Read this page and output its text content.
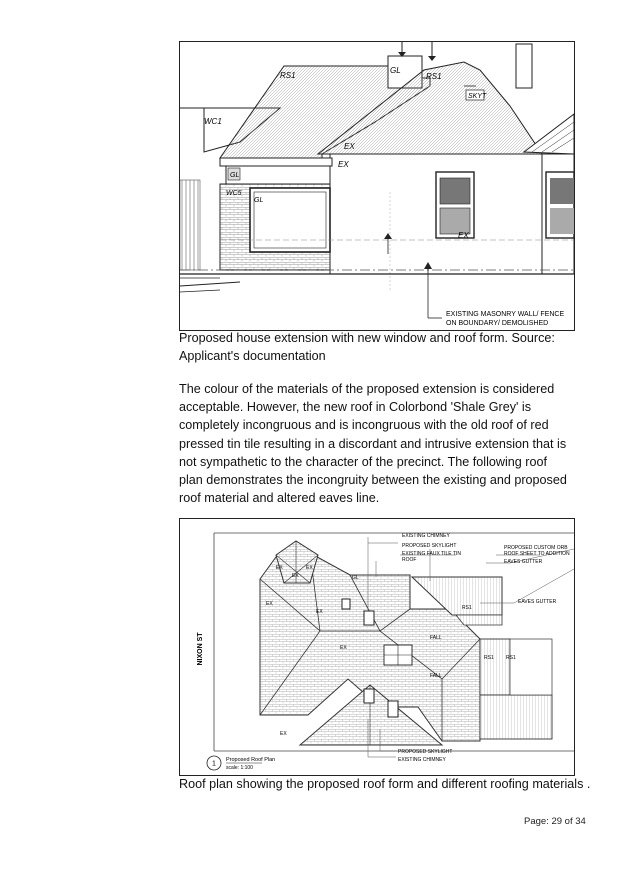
RS1
GL
RS1
WC1
SKYT
EX
EX
GL
WC5
GL
EX
EXISTING MASONRY WALL/ FENCE
ON BOUNDARY/ DEMOLISHED
Proposed house extension with new window and roof form. Source: Applicant's documentation
The colour of the materials of the proposed extension is considered acceptable. However, the new roof in Colorbond 'Shale Grey' is completely incongruous and is incongruous with the old roof of red pressed tin tile resulting in a discordant and intrusive extension that is not sympathetic to the character of the precinct. The following roof plan demonstrates the incongruity between the existing and proposed roof material and altered eaves line.
EXISTING CHIMNEY
PROPOSED SKYLIGHT
EXISTING FAUX TILE TIN
ROOF
PROPOSED CUSTOM ORB
ROOF SHEET TO ADDITION
EAVES GUTTER
EAVES GUTTER
PROPOSED SKYLIGHT
EXISTING CHIMNEY
EX	EX
EX
EX
EX
EX
EX
RS1
RS1 RS1
FALL
FALL
GL
NIXON ST
1
Proposed Roof Plan
scale: 1:100
Roof plan showing the proposed roof form and different roofing materials .
Page: 29 of 34
